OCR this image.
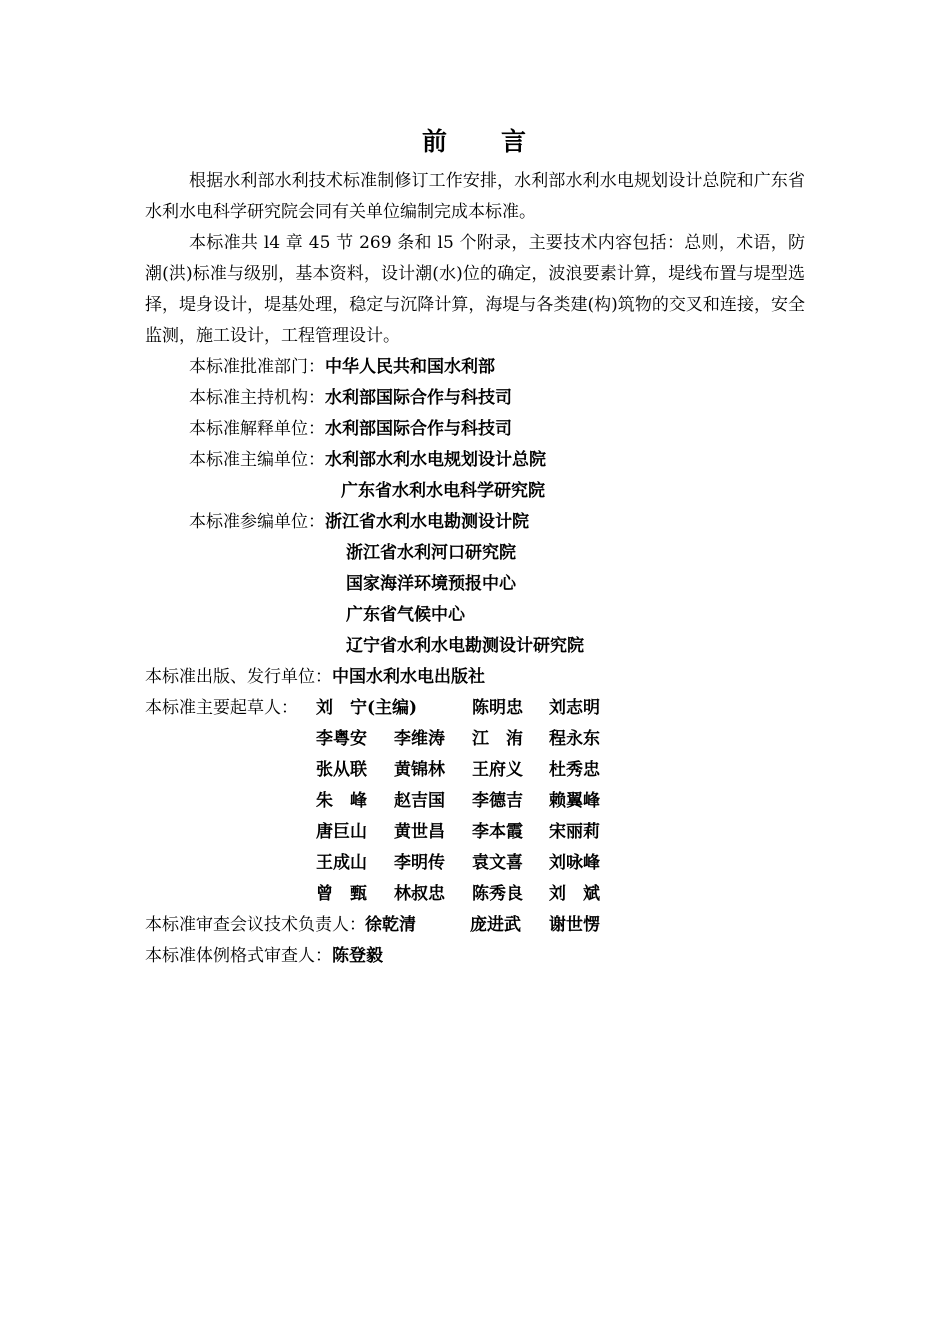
前 言

根据水利部水利技术标准制修订工作安排，水利部水利水电规划设计总院和广东省水利水电科学研究院会同有关单位编制完成本标准。

本标准共 l4 章 45 节 269 条和 l5 个附录，主要技术内容包括：总则，术语，防潮(洪)标准与级别，基本资料，设计潮(水)位的确定，波浪要素计算，堤线布置与堤型选择，堤身设计，堤基处理，稳定与沉降计算，海堤与各类建(构)筑物的交叉和连接，安全监测，施工设计，工程管理设计。

本标准批准部门：中华人民共和国水利部
本标准主持机构：水利部国际合作与科技司
本标准解释单位：水利部国际合作与科技司
本标准主编单位：水利部水利水电规划设计总院
广东省水利水电科学研究院
本标准参编单位：浙江省水利水电勘测设计院
浙江省水利河口研究院
国家海洋环境预报中心
广东省气候中心
辽宁省水利水电勘测设计研究院
本标准出版、发行单位：中国水利水电出版社
本标准主要起草人： 刘　宁(主编)	陈明忠 刘志明
李粤安 李维涛 江　洧 程永东
张从联 黄锦林 王府义 杜秀忠
朱　峰 赵吉国 李德吉 赖翼峰
唐巨山 黄世昌 李本霞 宋丽莉
王成山 李明传 袁文喜 刘咏峰
曾　甄 林叔忠 陈秀良 刘　斌
本标准审查会议技术负责人： 徐乾清	庞进武 谢世愣
本标准体例格式审查人：陈登毅
